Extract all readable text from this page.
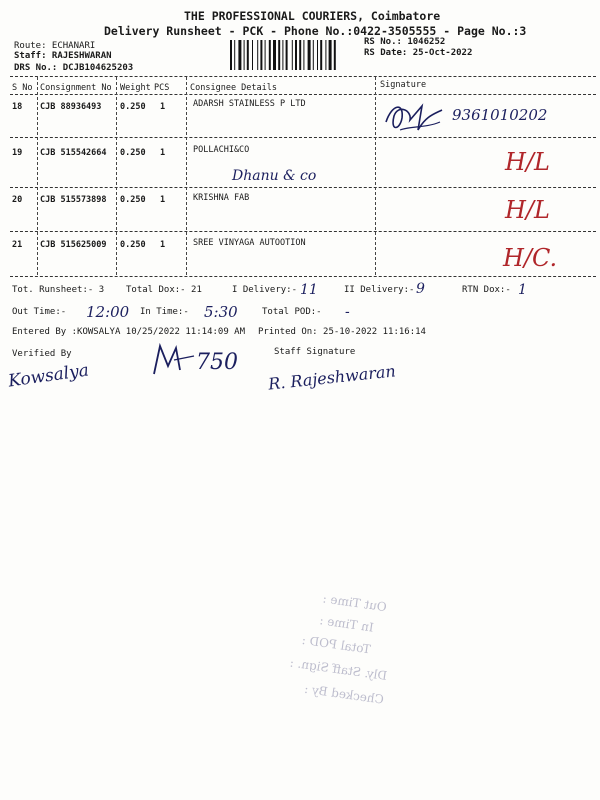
THE PROFESSIONAL COURIERS, Coimbatore
Delivery Runsheet - PCK - Phone No.:0422-3505555 - Page No.:3
Route: ECHANARI
Staff: RAJESHWARAN
DRS No.: DCJB104625203
RS No.: 1046252
RS Date: 25-Oct-2022
S No Consignment No Weight PCS Consignee Details	Signature
18 CJB 88936493 0.250 1	ADARSH STAINLESS P LTD
9361010202
19 CJB 515542664 0.250 1	POLLACHI&CO
Dhanu & co	H/L
20 CJB 515573898 0.250 1	KRISHNA FAB	H/L
21 CJB 515625009 0.250 1	SREE VINYAGA AUTOOTION
H/C.
Tot. Runsheet:- 3 Total Dox:- 21	I Delivery:- 11	II Delivery:- 9	RTN Dox:- 1
Out Time:- 12:00 In Time:- 5:30	Total POD:- -
Entered By :KOWSALYA 10/25/2022 11:14:09 AM Printed On: 25-10-2022 11:16:14
Verified By	Staff Signature
Kowsalya	750 R. Rajeshwaran
Out Time :
In Time :
Total POD :
Dly. Staff Sign. :
Checked By :
